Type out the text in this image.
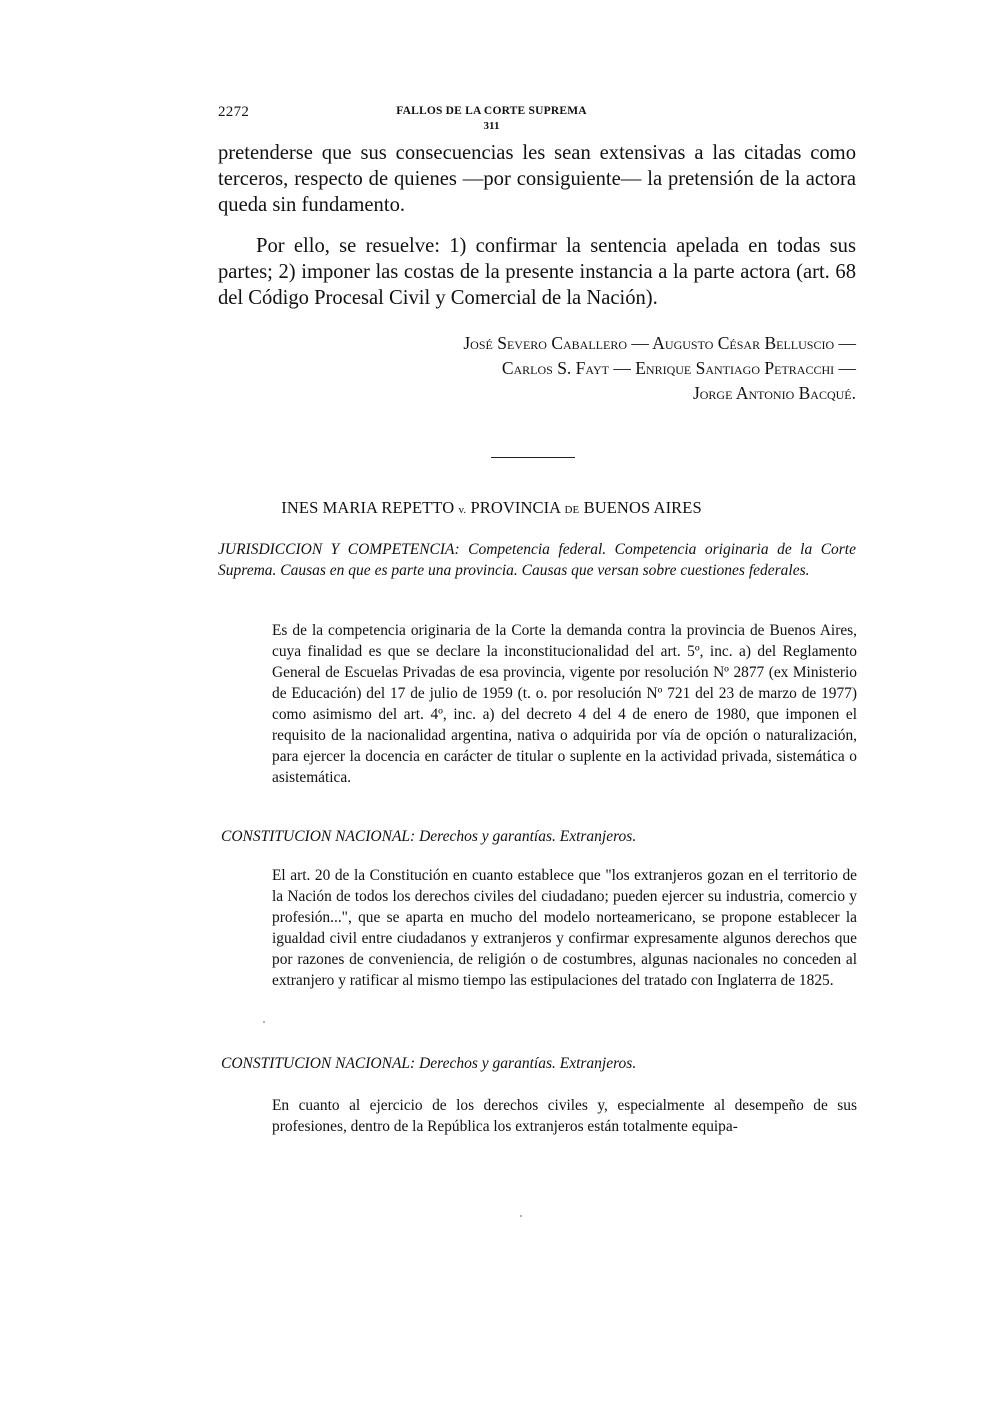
2272	FALLOS DE LA CORTE SUPREMA
311

pretenderse que sus consecuencias les sean extensivas a las citadas como terceros, respecto de quienes —por consiguiente— la pretensión de la actora queda sin fundamento.

Por ello, se resuelve: 1) confirmar la sentencia apelada en todas sus partes; 2) imponer las costas de la presente instancia a la parte actora (art. 68 del Código Procesal Civil y Comercial de la Nación).

José Severo Caballero — Augusto César Belluscio —
Carlos S. Fayt — Enrique Santiago Petracchi —
Jorge Antonio Bacqué.
INES MARIA REPETTO v. PROVINCIA DE BUENOS AIRES

JURISDICCION Y COMPETENCIA: Competencia federal. Competencia originaria de la Corte Suprema. Causas en que es parte una provincia. Causas que versan sobre cuestiones federales.

Es de la competencia originaria de la Corte la demanda contra la provincia de Buenos Aires, cuya finalidad es que se declare la inconstitucionalidad del art. 5º, inc. a) del Reglamento General de Escuelas Privadas de esa provincia, vigente por resolución Nº 2877 (ex Ministerio de Educación) del 17 de julio de 1959 (t. o. por resolución Nº 721 del 23 de marzo de 1977) como asimismo del art. 4º, inc. a) del decreto 4 del 4 de enero de 1980, que imponen el requisito de la nacionalidad argentina, nativa o adquirida por vía de opción o naturalización, para ejercer la docencia en carácter de titular o suplente en la actividad privada, sistemática o asistemática.

CONSTITUCION NACIONAL: Derechos y garantías. Extranjeros.

El art. 20 de la Constitución en cuanto establece que "los extranjeros gozan en el territorio de la Nación de todos los derechos civiles del ciudadano; pueden ejercer su industria, comercio y profesión...", que se aparta en mucho del modelo norteamericano, se propone establecer la igualdad civil entre ciudadanos y extranjeros y confirmar expresamente algunos derechos que por razones de conveniencia, de religión o de costumbres, algunas nacionales no conceden al extranjero y ratificar al mismo tiempo las estipulaciones del tratado con Inglaterra de 1825.

CONSTITUCION NACIONAL: Derechos y garantías. Extranjeros.

En cuanto al ejercicio de los derechos civiles y, especialmente al desempeño de sus profesiones, dentro de la República los extranjeros están totalmente equipa-
